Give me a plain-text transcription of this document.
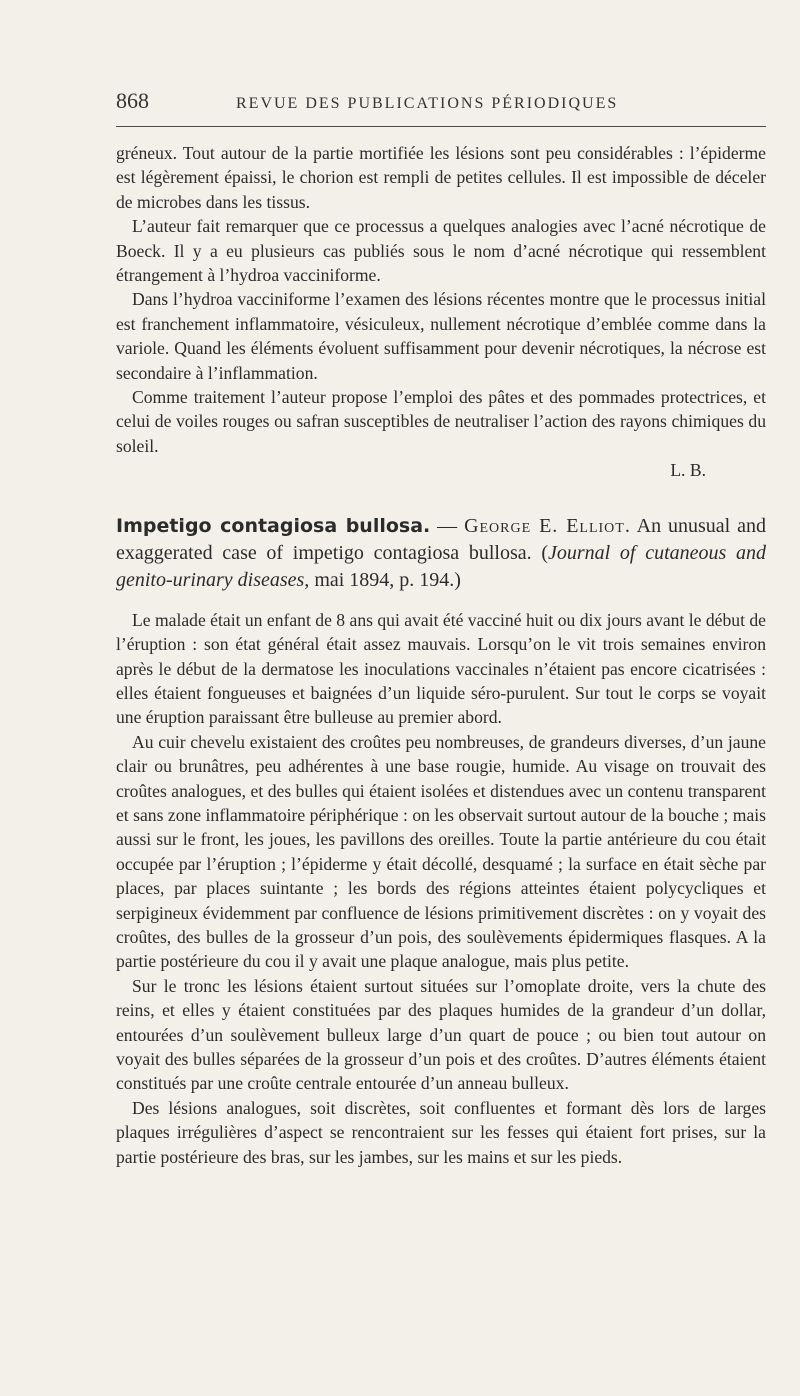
868	REVUE DES PUBLICATIONS PÉRIODIQUES

gréneux. Tout autour de la partie mortifiée les lésions sont peu considérables : l’épiderme est légèrement épaissi, le chorion est rempli de petites cellules. Il est impossible de déceler de microbes dans les tissus.

L’auteur fait remarquer que ce processus a quelques analogies avec l’acné nécrotique de Boeck. Il y a eu plusieurs cas publiés sous le nom d’acné nécrotique qui ressemblent étrangement à l’hydroa vacciniforme.

Dans l’hydroa vacciniforme l’examen des lésions récentes montre que le processus initial est franchement inflammatoire, vésiculeux, nullement nécrotique d’emblée comme dans la variole. Quand les éléments évoluent suffisamment pour devenir nécrotiques, la nécrose est secondaire à l’inflammation.

Comme traitement l’auteur propose l’emploi des pâtes et des pommades protectrices, et celui de voiles rouges ou safran susceptibles de neutraliser l’action des rayons chimiques du soleil.

L. B.
Impetigo contagiosa bullosa. — George E. Elliot. An unusual and exaggerated case of impetigo contagiosa bullosa. (Journal of cutaneous and genito-urinary diseases, mai 1894, p. 194.)

Le malade était un enfant de 8 ans qui avait été vacciné huit ou dix jours avant le début de l’éruption : son état général était assez mauvais. Lorsqu’on le vit trois semaines environ après le début de la dermatose les inoculations vaccinales n’étaient pas encore cicatrisées : elles étaient fongueuses et baignées d’un liquide séro-purulent. Sur tout le corps se voyait une éruption paraissant être bulleuse au premier abord.

Au cuir chevelu existaient des croûtes peu nombreuses, de grandeurs diverses, d’un jaune clair ou brunâtres, peu adhérentes à une base rougie, humide. Au visage on trouvait des croûtes analogues, et des bulles qui étaient isolées et distendues avec un contenu transparent et sans zone inflammatoire périphérique : on les observait surtout autour de la bouche ; mais aussi sur le front, les joues, les pavillons des oreilles. Toute la partie antérieure du cou était occupée par l’éruption ; l’épiderme y était décollé, desquamé ; la surface en était sèche par places, par places suintante ; les bords des régions atteintes étaient polycycliques et serpigineux évidemment par confluence de lésions primitivement discrètes : on y voyait des croûtes, des bulles de la grosseur d’un pois, des soulèvements épidermiques flasques. A la partie postérieure du cou il y avait une plaque analogue, mais plus petite.

Sur le tronc les lésions étaient surtout situées sur l’omoplate droite, vers la chute des reins, et elles y étaient constituées par des plaques humides de la grandeur d’un dollar, entourées d’un soulèvement bulleux large d’un quart de pouce ; ou bien tout autour on voyait des bulles séparées de la grosseur d’un pois et des croûtes. D’autres éléments étaient constitués par une croûte centrale entourée d’un anneau bulleux.

Des lésions analogues, soit discrètes, soit confluentes et formant dès lors de larges plaques irrégulières d’aspect se rencontraient sur les fesses qui étaient fort prises, sur la partie postérieure des bras, sur les jambes, sur les mains et sur les pieds.
